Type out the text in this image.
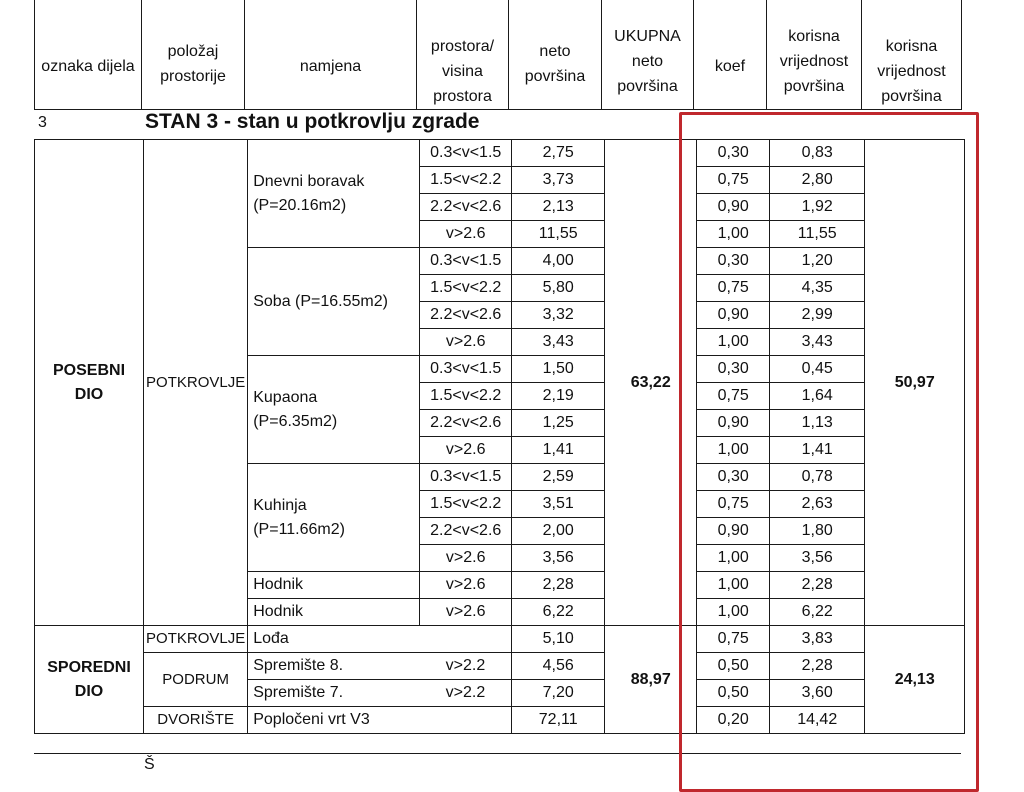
oznaka dijela	položaj prostorije	namjena	prostora/ visina prostora	neto površina	UKUPNA neto površina	koef	korisna vrijednost površina	korisna vrijednost površina
3	STAN 3 - stan u potkrovlju zgrade
POSEBNI DIO	POTKROVLJE	Dnevni boravak (P=20.16m2)	0.3<v<1.5	2,75	63,22	0,30	0,83	50,97
			1.5<v<2.2	3,73		0,75	2,80	
			2.2<v<2.6	2,13		0,90	1,92	
			v>2.6	11,55		1,00	11,55	
		Soba (P=16.55m2)	0.3<v<1.5	4,00		0,30	1,20	
			1.5<v<2.2	5,80		0,75	4,35	
			2.2<v<2.6	3,32		0,90	2,99	
			v>2.6	3,43		1,00	3,43	
		Kupaona (P=6.35m2)	0.3<v<1.5	1,50		0,30	0,45	
			1.5<v<2.2	2,19		0,75	1,64	
			2.2<v<2.6	1,25		0,90	1,13	
			v>2.6	1,41		1,00	1,41	
		Kuhinja (P=11.66m2)	0.3<v<1.5	2,59		0,30	0,78	
			1.5<v<2.2	3,51		0,75	2,63	
			2.2<v<2.6	2,00		0,90	1,80	
			v>2.6	3,56		1,00	3,56	
		Hodnik	v>2.6	2,28		1,00	2,28	
		Hodnik	v>2.6	6,22		1,00	6,22	
SPOREDNI DIO	POTKROVLJE	Lođa		5,10	88,97	0,75	3,83	24,13
	PODRUM	Spremište 8.	v>2.2	4,56		0,50	2,28	
		Spremište 7.	v>2.2	7,20		0,50	3,60	
	DVORIŠTE	Popločeni vrt V3		72,11		0,20	14,42	
Š
